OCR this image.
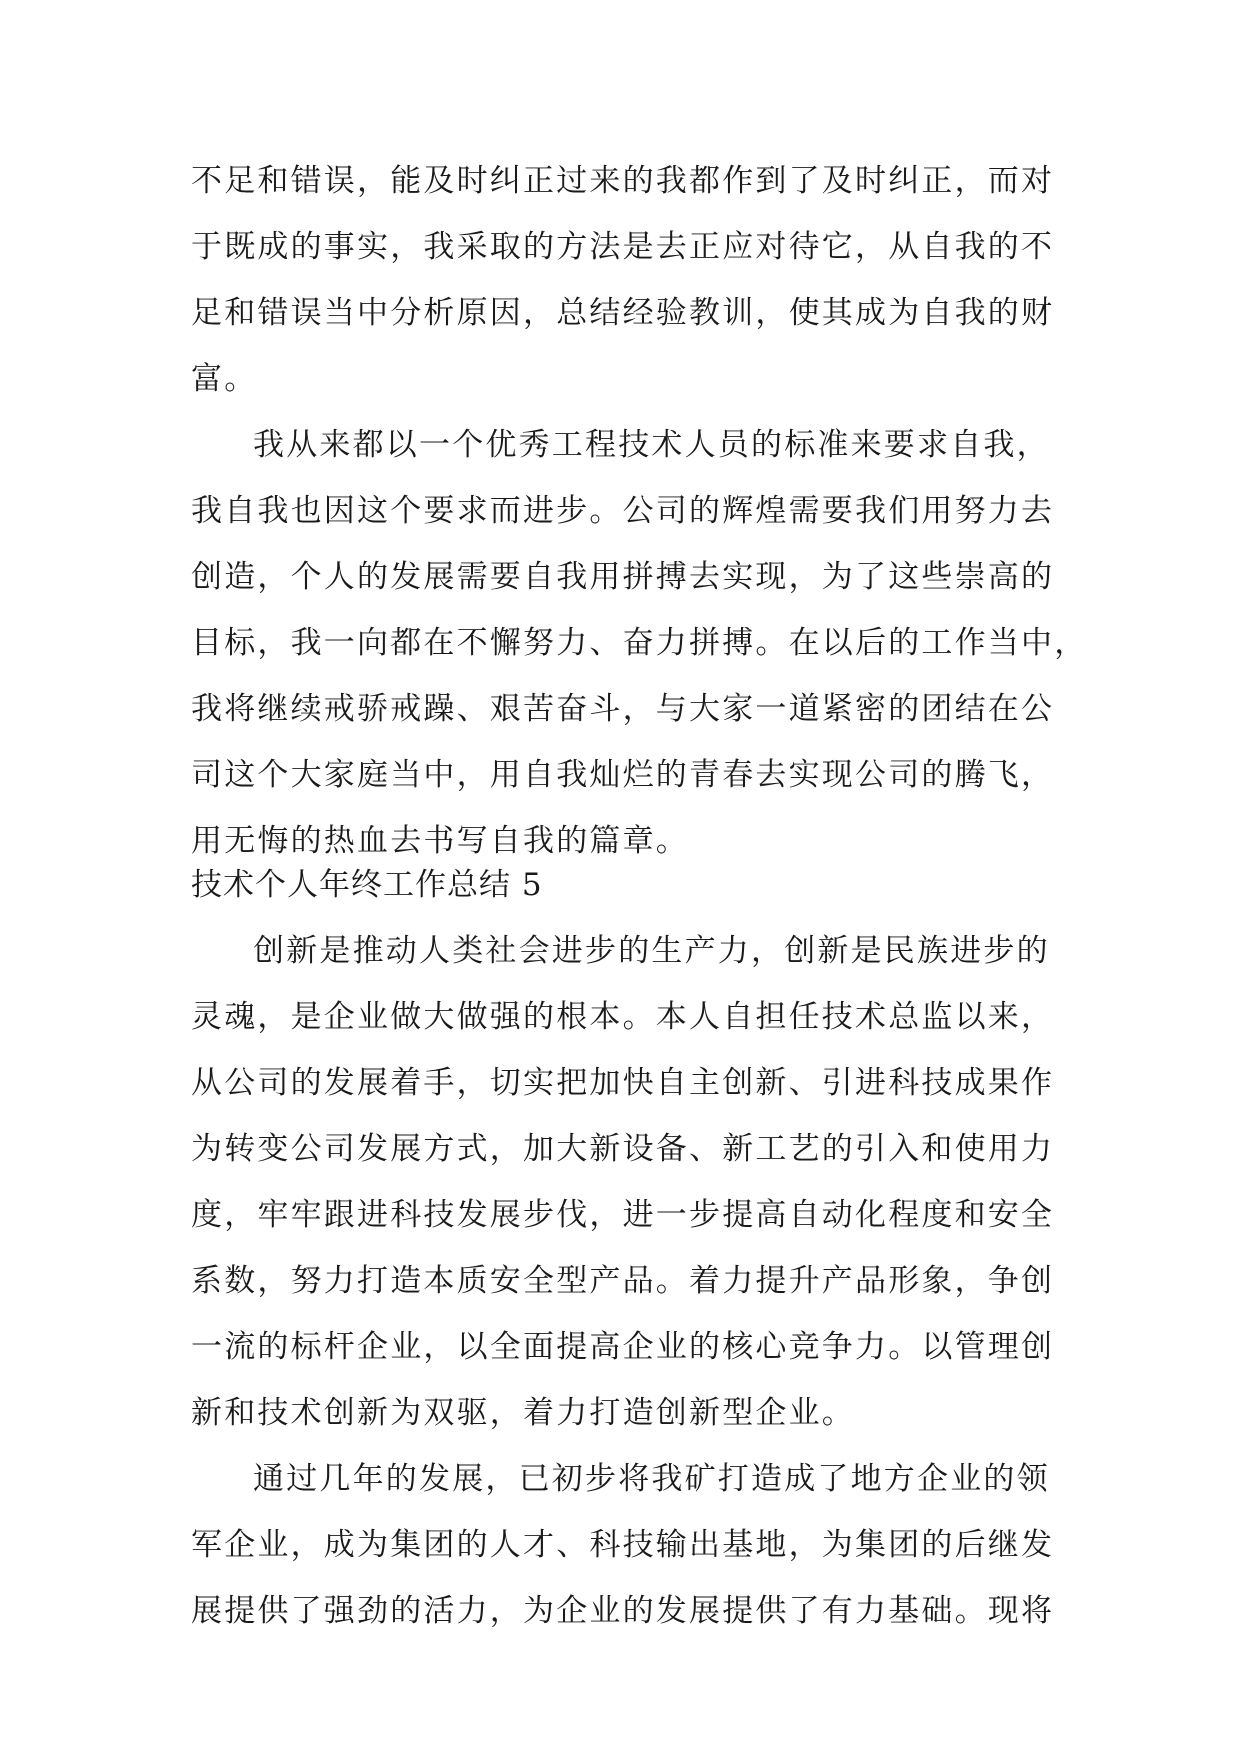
不足和错误，能及时纠正过来的我都作到了及时纠正，而对
于既成的事实，我采取的方法是去正应对待它，从自我的不
足和错误当中分析原因，总结经验教训，使其成为自我的财
富。
我从来都以一个优秀工程技术人员的标准来要求自我，
我自我也因这个要求而进步。公司的辉煌需要我们用努力去
创造，个人的发展需要自我用拼搏去实现，为了这些崇高的
目标，我一向都在不懈努力、奋力拼搏。在以后的工作当中，
我将继续戒骄戒躁、艰苦奋斗，与大家一道紧密的团结在公
司这个大家庭当中，用自我灿烂的青春去实现公司的腾飞，
用无悔的热血去书写自我的篇章。
技术个人年终工作总结 5
创新是推动人类社会进步的生产力，创新是民族进步的
灵魂，是企业做大做强的根本。本人自担任技术总监以来，
从公司的发展着手，切实把加快自主创新、引进科技成果作
为转变公司发展方式，加大新设备、新工艺的引入和使用力
度，牢牢跟进科技发展步伐，进一步提高自动化程度和安全
系数，努力打造本质安全型产品。着力提升产品形象，争创
一流的标杆企业，以全面提高企业的核心竞争力。以管理创
新和技术创新为双驱，着力打造创新型企业。
通过几年的发展，已初步将我矿打造成了地方企业的领
军企业，成为集团的人才、科技输出基地，为集团的后继发
展提供了强劲的活力，为企业的发展提供了有力基础。现将
